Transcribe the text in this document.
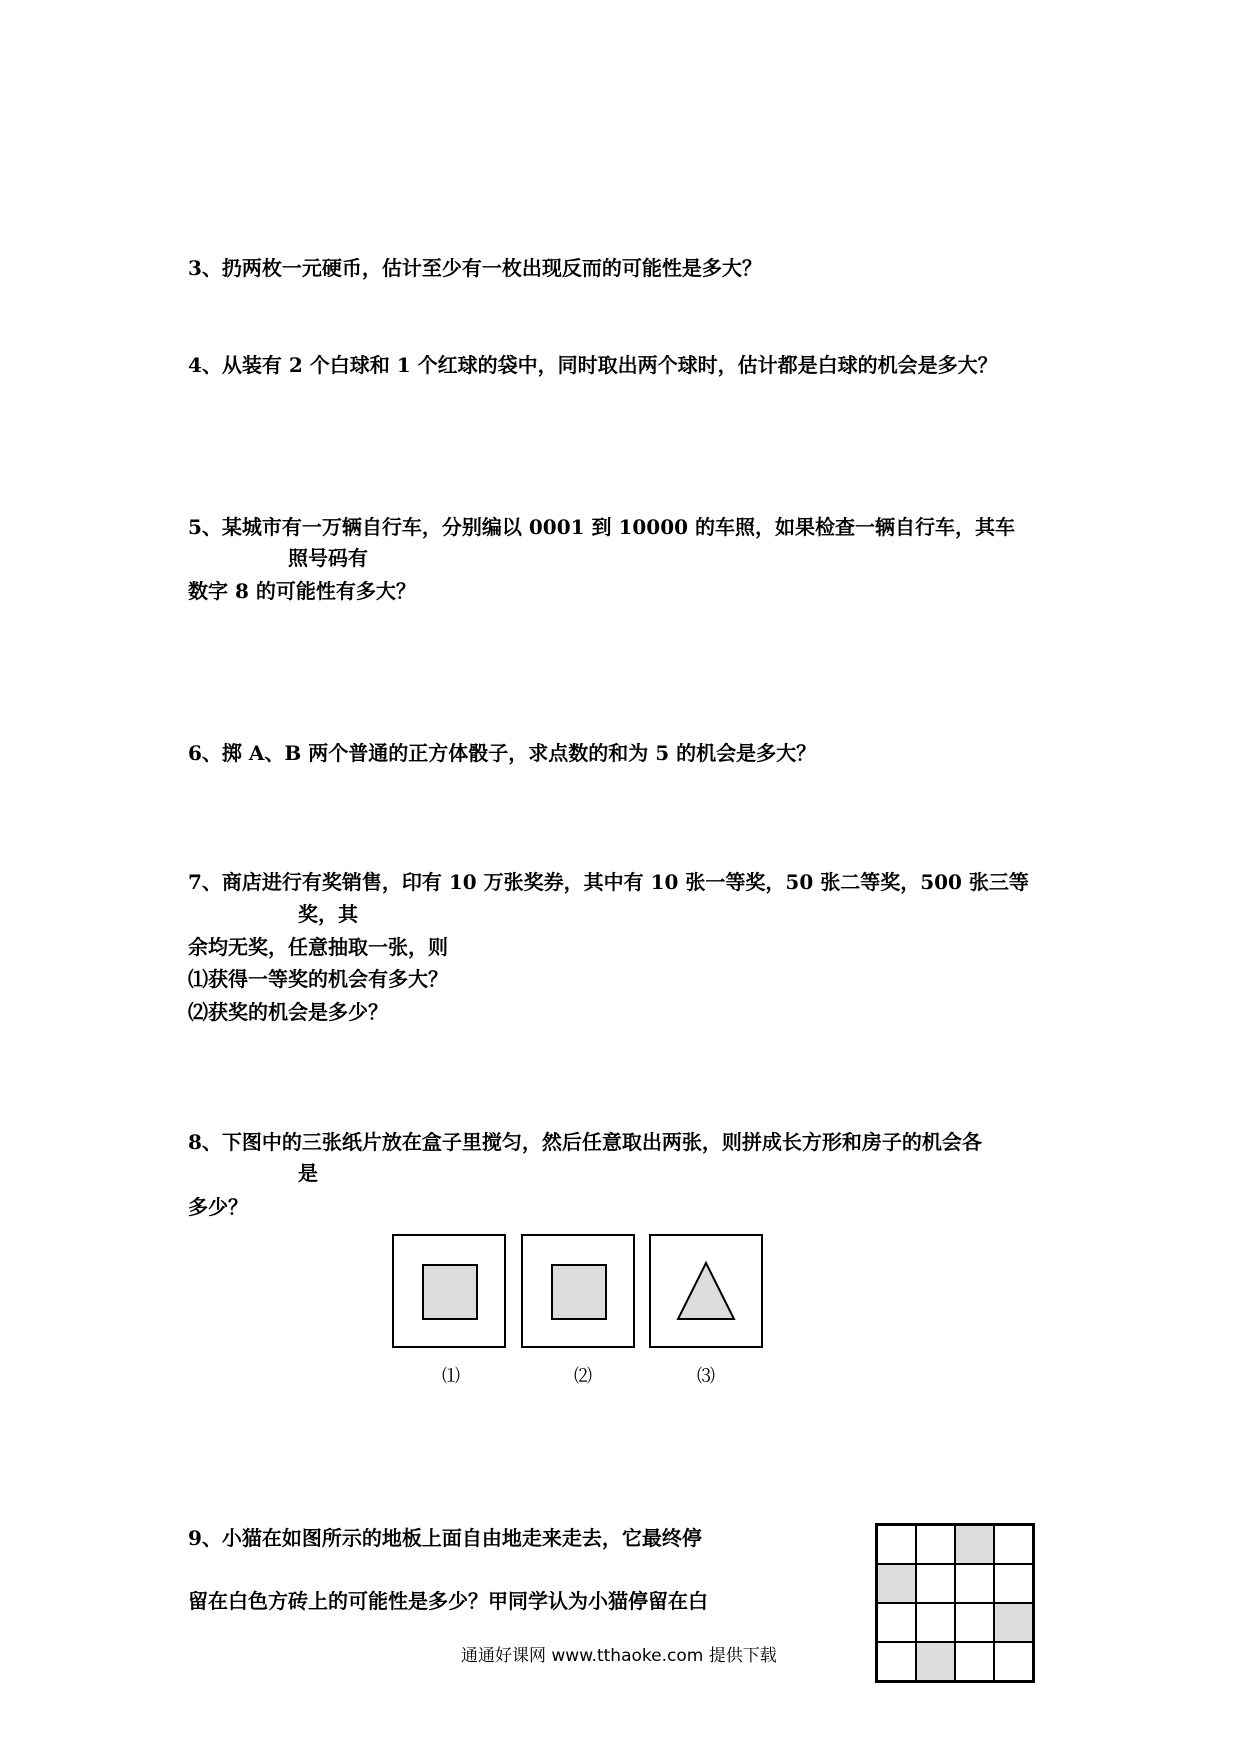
3、扔两枚一元硬币，估计至少有一枚出现反而的可能性是多大？
4、从装有 2 个白球和 1 个红球的袋中，同时取出两个球时，估计都是白球的机会是多大？
5、某城市有一万辆自行车，分别编以 0001 到 10000 的车照，如果检查一辆自行车，其车
照号码有
数字 8 的可能性有多大？
6、掷 A、B 两个普通的正方体骰子，求点数的和为 5 的机会是多大？
7、商店进行有奖销售，印有 10 万张奖券，其中有 10 张一等奖，50 张二等奖，500 张三等
奖，其
余均无奖，任意抽取一张，则
⑴获得一等奖的机会有多大？
⑵获奖的机会是多少？
8、下图中的三张纸片放在盒子里搅匀，然后任意取出两张，则拼成长方形和房子的机会各
是
多少？
⑴	⑵	⑶
9、小猫在如图所示的地板上面自由地走来走去，它最终停
留在白色方砖上的可能性是多少？甲同学认为小猫停留在白
通通好课网 www.tthaoke.com 提供下载
